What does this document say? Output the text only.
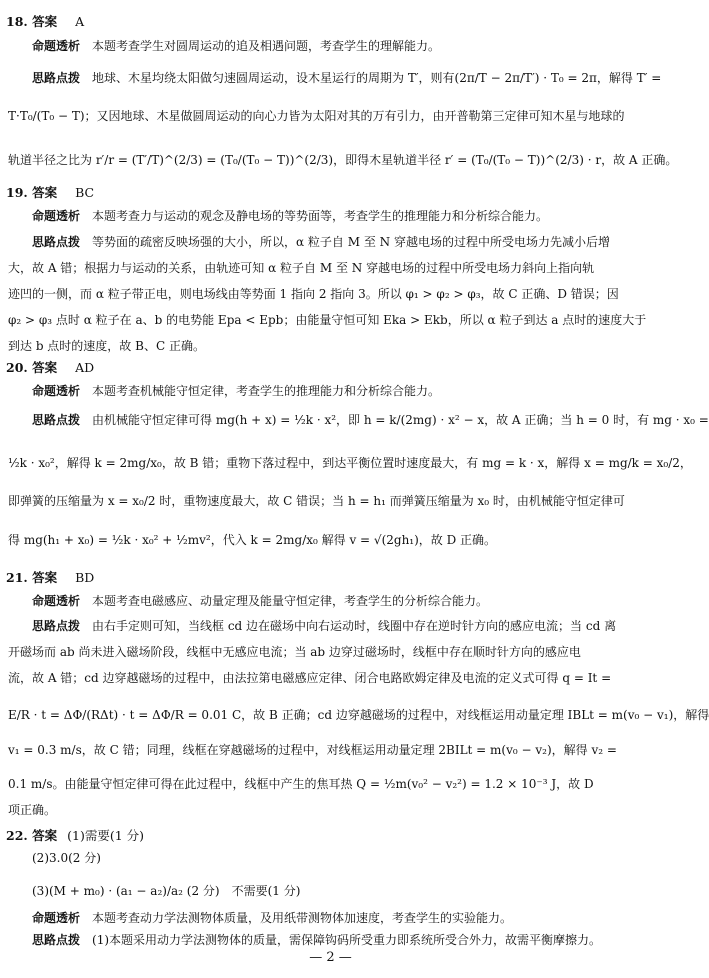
18. 答案 A
命题透析 本题考查学生对圆周运动的追及相遇问题，考查学生的理解能力。
思路点拨 地球、木星均绕太阳做匀速圆周运动，设木星运行的周期为 T′，则有(2π/T − 2π/T′) · T₀ = 2π，解得 T′ =
T·T₀/(T₀ − T)；又因地球、木星做圆周运动的向心力皆为太阳对其的万有引力，由开普勒第三定律可知木星与地球的
轨道半径之比为 r′/r = (T′/T)^(2/3) = (T₀/(T₀ − T))^(2/3)，即得木星轨道半径 r′ = (T₀/(T₀ − T))^(2/3) · r，故 A 正确。
19. 答案 BC
命题透析 本题考查力与运动的观念及静电场的等势面等，考查学生的推理能力和分析综合能力。
思路点拨 等势面的疏密反映场强的大小，所以，α 粒子自 M 至 N 穿越电场的过程中所受电场力先减小后增
大，故 A 错；根据力与运动的关系，由轨迹可知 α 粒子自 M 至 N 穿越电场的过程中所受电场力斜向上指向轨
迹凹的一侧，而 α 粒子带正电，则电场线由等势面 1 指向 2 指向 3。所以 φ₁ > φ₂ > φ₃，故 C 正确、D 错误；因
φ₂ > φ₃ 点时 α 粒子在 a、b 的电势能 Epa < Epb；由能量守恒可知 Eka > Ekb，所以 α 粒子到达 a 点时的速度大于
到达 b 点时的速度，故 B、C 正确。
20. 答案 AD
命题透析 本题考查机械能守恒定律，考查学生的推理能力和分析综合能力。
思路点拨 由机械能守恒定律可得 mg(h + x) = ½k · x²，即 h = k/(2mg) · x² − x，故 A 正确；当 h = 0 时，有 mg · x₀ =
½k · x₀²，解得 k = 2mg/x₀，故 B 错；重物下落过程中，到达平衡位置时速度最大，有 mg = k · x，解得 x = mg/k = x₀/2，
即弹簧的压缩量为 x = x₀/2 时，重物速度最大，故 C 错误；当 h = h₁ 而弹簧压缩量为 x₀ 时，由机械能守恒定律可
得 mg(h₁ + x₀) = ½k · x₀² + ½mv²，代入 k = 2mg/x₀ 解得 v = √(2gh₁)，故 D 正确。
21. 答案 BD
命题透析 本题考查电磁感应、动量定理及能量守恒定律，考查学生的分析综合能力。
思路点拨 由右手定则可知，当线框 cd 边在磁场中向右运动时，线圈中存在逆时针方向的感应电流；当 cd 离
开磁场而 ab 尚未进入磁场阶段，线框中无感应电流；当 ab 边穿过磁场时，线框中存在顺时针方向的感应电
流，故 A 错；cd 边穿越磁场的过程中，由法拉第电磁感应定律、闭合电路欧姆定律及电流的定义式可得 q = It =
E/R · t = ΔΦ/(RΔt) · t = ΔΦ/R = 0.01 C，故 B 正确；cd 边穿越磁场的过程中，对线框运用动量定理 IBLt = m(v₀ − v₁)，解得
v₁ = 0.3 m/s，故 C 错；同理，线框在穿越磁场的过程中，对线框运用动量定理 2BILt = m(v₀ − v₂)，解得 v₂ =
0.1 m/s。由能量守恒定律可得在此过程中，线框中产生的焦耳热 Q = ½m(v₀² − v₂²) = 1.2 × 10⁻³ J，故 D
项正确。
22. 答案 (1)需要(1 分)
(2)3.0(2 分)
(3)(M + m₀) · (a₁ − a₂)/a₂ (2 分)　不需要(1 分)
命题透析 本题考查动力学法测物体质量，及用纸带测物体加速度，考查学生的实验能力。
思路点拨 (1)本题采用动力学法测物体的质量，需保障钩码所受重力即系统所受合外力，故需平衡摩擦力。
— 2 —
